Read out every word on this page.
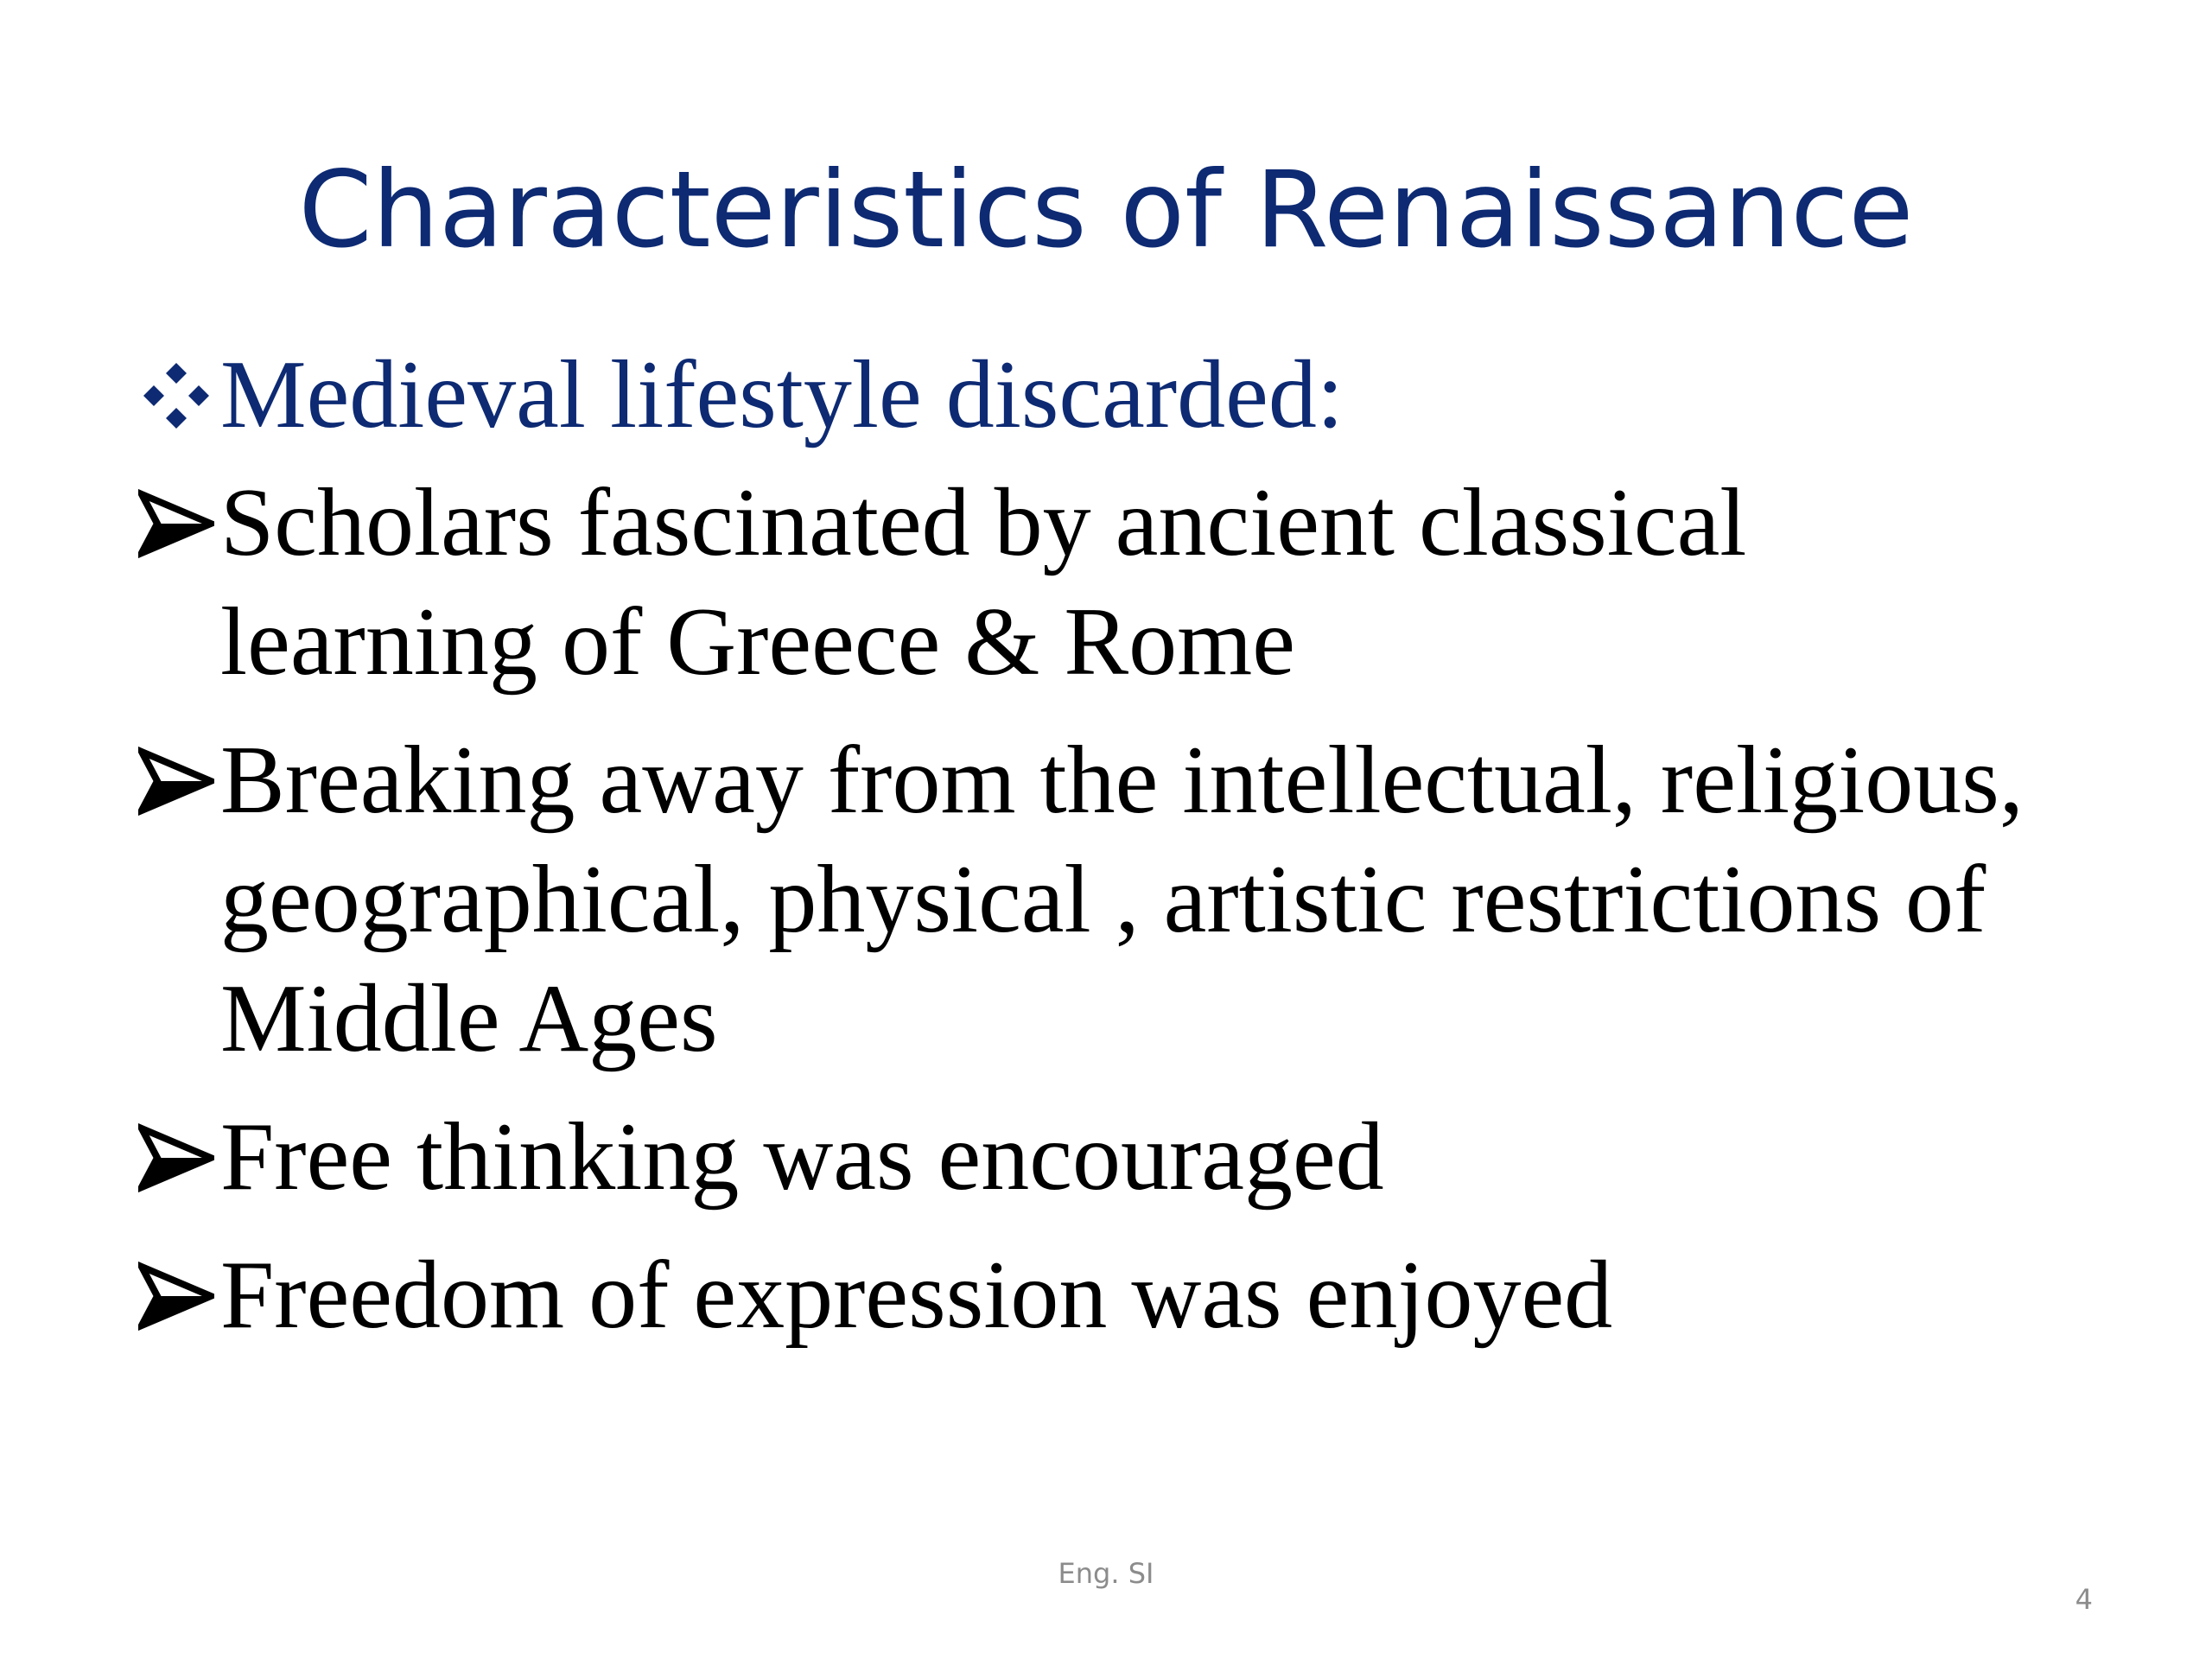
Characteristics of Renaissance
Medieval lifestyle discarded:
Scholars fascinated by ancient classical
learning of Greece & Rome
Breaking away from the intellectual, religious,
geographical, physical , artistic restrictions of
Middle Ages
Free thinking was encouraged
Freedom of expression was enjoyed
Eng. SI
4
